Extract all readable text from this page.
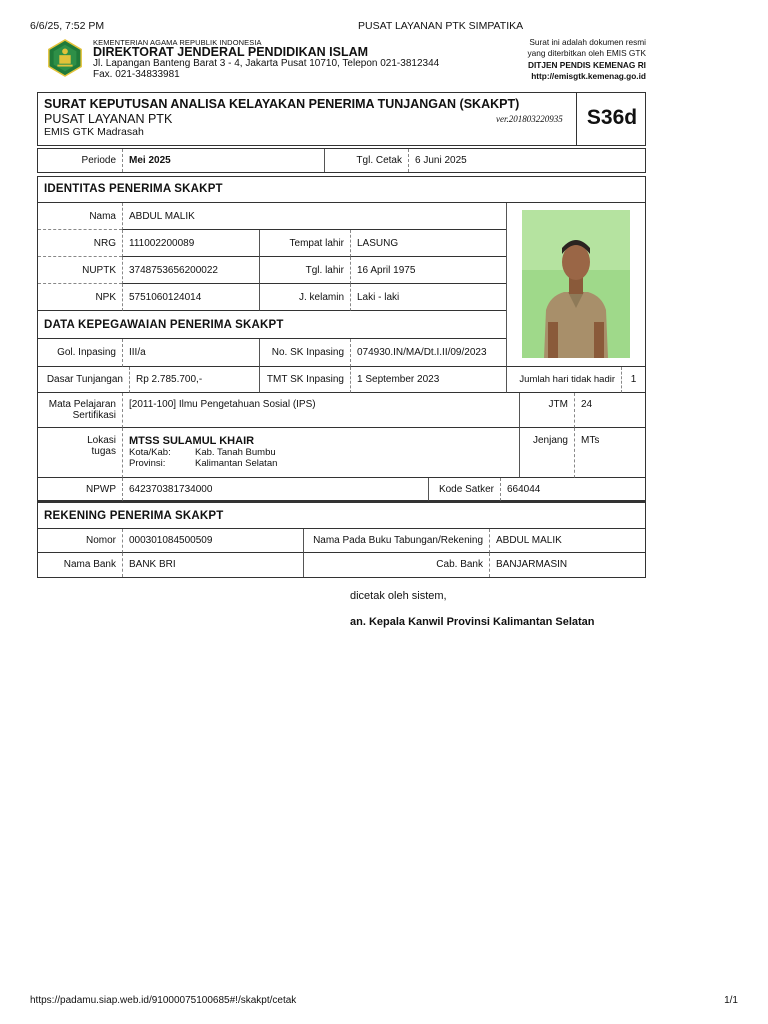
6/6/25, 7:52 PM	PUSAT LAYANAN PTK SIMPATIKA
https://padamu.siap.web.id/9100007510068​5#!/skakpt/cetak	1/1
KEMENTERIAN AGAMA REPUBLIK INDONESIA
DIREKTORAT JENDERAL PENDIDIKAN ISLAM
Jl. Lapangan Banteng Barat 3 - 4, Jakarta Pusat 10710, Telepon 021-3812344
Fax. 021-34833981
Surat ini adalah dokumen resmi
yang diterbitkan oleh EMIS GTK
DITJEN PENDIS KEMENAG RI
http://emisgtk.kemenag.go.id
SURAT KEPUTUSAN ANALISA KELAYAKAN PENERIMA TUNJANGAN (SKAKPT)
PUSAT LAYANAN PTK
EMIS GTK Madrasah
ver.201803220935	S36d
Periode	Mei 2025	Tgl. Cetak	6 Juni 2025
IDENTITAS PENERIMA SKAKPT
Nama	ABDUL MALIK
NRG	111002200089	Tempat lahir	LASUNG
NUPTK	3748753656200022	Tgl. lahir	16 April 1975
NPK	5751060124014	J. kelamin	Laki - laki
DATA KEPEGAWAIAN PENERIMA SKAKPT
Gol. Inpasing	III/a	No. SK Inpasing	074930.IN/MA/Dt.I.II/09/2023
Dasar Tunjangan	Rp 2.785.700,-	TMT SK Inpasing	1 September 2023	Jumlah hari tidak hadir	1
Mata Pelajaran
Sertifikasi
[2011-100] Ilmu Pengetahuan Sosial (IPS)	JTM	24
Lokasi
tugas
MTSS SULAMUL KHAIR
Kota/Kab:	Kab. Tanah Bumbu
Provinsi:	Kalimantan Selatan
Jenjang	MTs
NPWP	642370381734000	Kode Satker	664044
REKENING PENERIMA SKAKPT
Nomor	000301084500509	Nama Pada Buku Tabungan/Rekening	ABDUL MALIK
Nama Bank	BANK BRI	Cab. Bank	BANJARMASIN
dicetak oleh sistem,
an. Kepala Kanwil Provinsi Kalimantan Selatan
